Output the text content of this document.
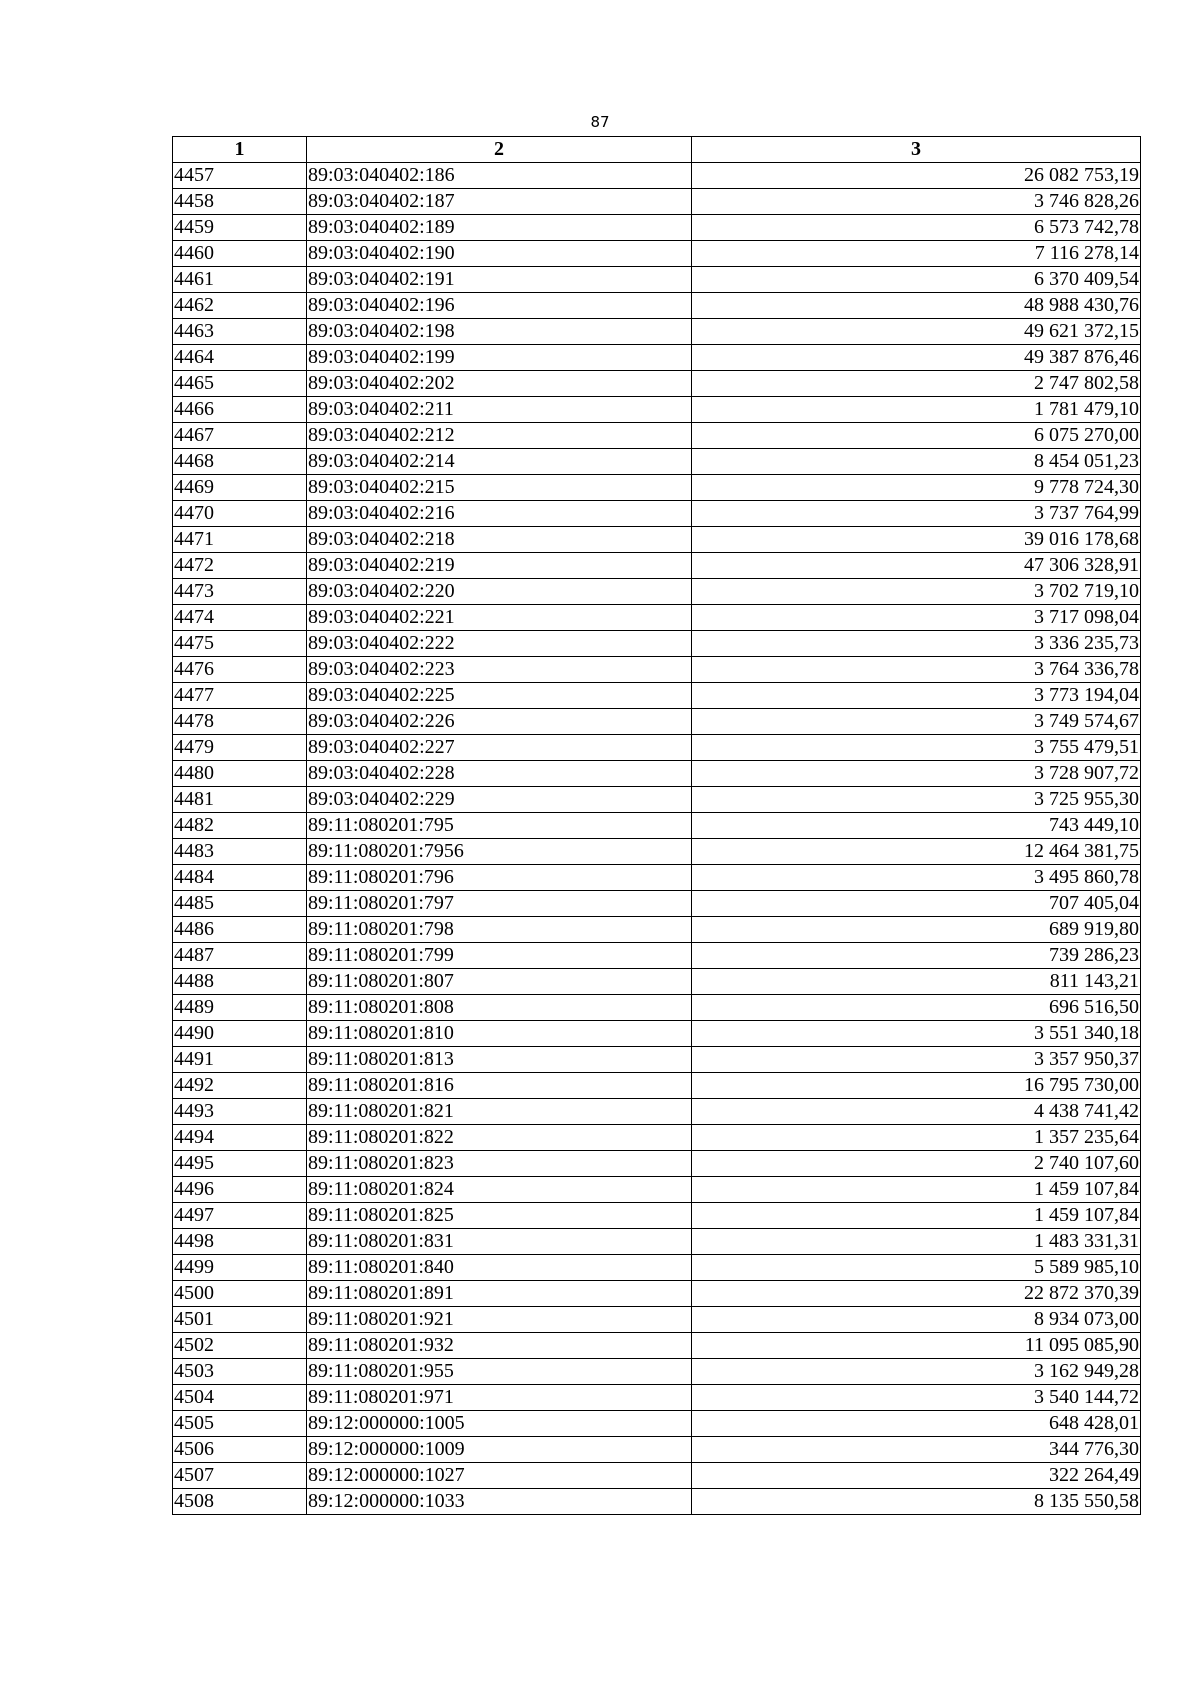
87
1	2	3
4457	89:03:040402:186	26 082 753,19
4458	89:03:040402:187	3 746 828,26
4459	89:03:040402:189	6 573 742,78
4460	89:03:040402:190	7 116 278,14
4461	89:03:040402:191	6 370 409,54
4462	89:03:040402:196	48 988 430,76
4463	89:03:040402:198	49 621 372,15
4464	89:03:040402:199	49 387 876,46
4465	89:03:040402:202	2 747 802,58
4466	89:03:040402:211	1 781 479,10
4467	89:03:040402:212	6 075 270,00
4468	89:03:040402:214	8 454 051,23
4469	89:03:040402:215	9 778 724,30
4470	89:03:040402:216	3 737 764,99
4471	89:03:040402:218	39 016 178,68
4472	89:03:040402:219	47 306 328,91
4473	89:03:040402:220	3 702 719,10
4474	89:03:040402:221	3 717 098,04
4475	89:03:040402:222	3 336 235,73
4476	89:03:040402:223	3 764 336,78
4477	89:03:040402:225	3 773 194,04
4478	89:03:040402:226	3 749 574,67
4479	89:03:040402:227	3 755 479,51
4480	89:03:040402:228	3 728 907,72
4481	89:03:040402:229	3 725 955,30
4482	89:11:080201:795	743 449,10
4483	89:11:080201:7956	12 464 381,75
4484	89:11:080201:796	3 495 860,78
4485	89:11:080201:797	707 405,04
4486	89:11:080201:798	689 919,80
4487	89:11:080201:799	739 286,23
4488	89:11:080201:807	811 143,21
4489	89:11:080201:808	696 516,50
4490	89:11:080201:810	3 551 340,18
4491	89:11:080201:813	3 357 950,37
4492	89:11:080201:816	16 795 730,00
4493	89:11:080201:821	4 438 741,42
4494	89:11:080201:822	1 357 235,64
4495	89:11:080201:823	2 740 107,60
4496	89:11:080201:824	1 459 107,84
4497	89:11:080201:825	1 459 107,84
4498	89:11:080201:831	1 483 331,31
4499	89:11:080201:840	5 589 985,10
4500	89:11:080201:891	22 872 370,39
4501	89:11:080201:921	8 934 073,00
4502	89:11:080201:932	11 095 085,90
4503	89:11:080201:955	3 162 949,28
4504	89:11:080201:971	3 540 144,72
4505	89:12:000000:1005	648 428,01
4506	89:12:000000:1009	344 776,30
4507	89:12:000000:1027	322 264,49
4508	89:12:000000:1033	8 135 550,58
